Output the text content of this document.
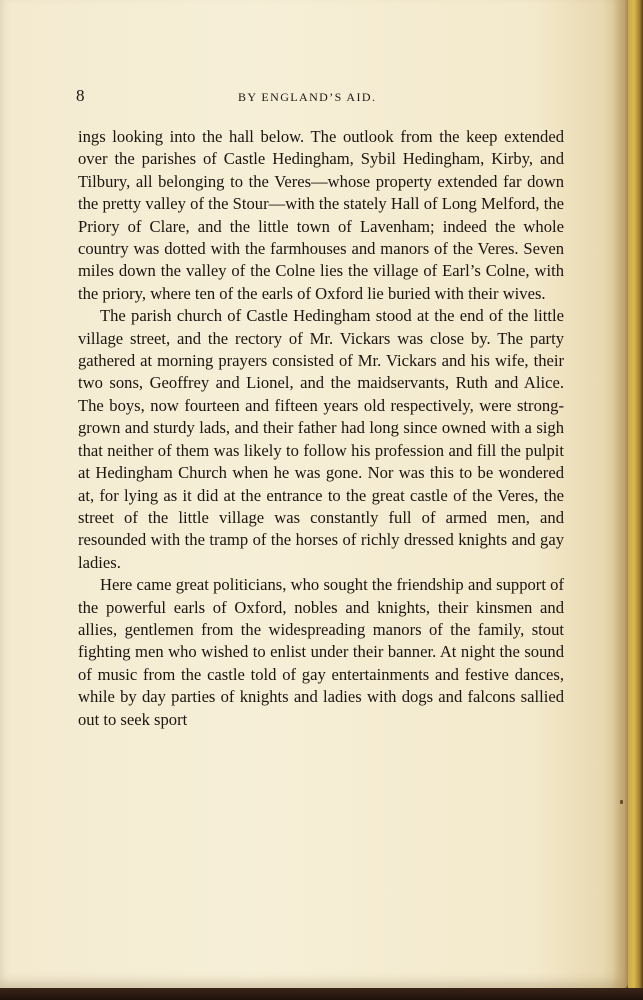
8	BY ENGLAND’S AID.

ings looking into the hall below. The outlook from the keep extended over the parishes of Castle Hedingham, Sybil Hedingham, Kirby, and Tilbury, all belonging to the Veres—whose property extended far down the pretty valley of the Stour—with the stately Hall of Long Melford, the Priory of Clare, and the little town of Lavenham; indeed the whole country was dotted with the farmhouses and manors of the Veres. Seven miles down the valley of the Colne lies the village of Earl’s Colne, with the priory, where ten of the earls of Oxford lie buried with their wives.

The parish church of Castle Hedingham stood at the end of the little village street, and the rectory of Mr. Vickars was close by. The party gathered at morning prayers consisted of Mr. Vickars and his wife, their two sons, Geoffrey and Lionel, and the maidservants, Ruth and Alice. The boys, now fourteen and fifteen years old respectively, were strong-grown and sturdy lads, and their father had long since owned with a sigh that neither of them was likely to follow his profession and fill the pulpit at Hedingham Church when he was gone. Nor was this to be wondered at, for lying as it did at the entrance to the great castle of the Veres, the street of the little village was constantly full of armed men, and resounded with the tramp of the horses of richly dressed knights and gay ladies.

Here came great politicians, who sought the friendship and support of the powerful earls of Oxford, nobles and knights, their kinsmen and allies, gentlemen from the widespreading manors of the family, stout fighting men who wished to enlist under their banner. At night the sound of music from the castle told of gay entertainments and festive dances, while by day parties of knights and ladies with dogs and falcons sallied out to seek sport
